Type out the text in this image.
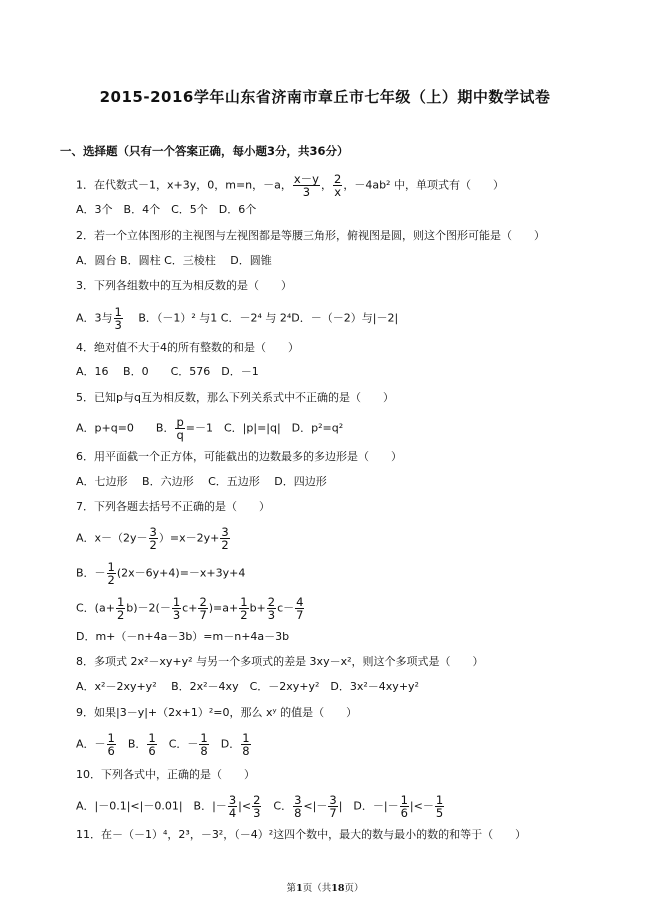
2015-2016学年山东省济南市章丘市七年级（上）期中数学试卷
一、选择题（只有一个答案正确，每小题3分，共36分）
1．在代数式－1，x+3y，0，m=n，－a， $\frac{x-y}{3}$ ， $\frac{2}{x}$ ，－4ab² 中，单项式有（　　）
A．3个　B．4个　C．5个　D．6个
2．若一个立体图形的主视图与左视图都是等腰三角形，俯视图是圆，则这个图形可能是（　　）
A．圆台 B．圆柱 C．三棱柱　 D．圆锥
3．下列各组数中的互为相反数的是（　　）
A．3与 $\frac{1}{3}$ 　 B．（－1）² 与1 C．－2⁴ 与 2⁴D．－（－2）与|－2|
4．绝对值不大于4的所有整数的和是（　　）
A．16　 B．0　　C．576　D．－1
5．已知p与q互为相反数，那么下列关系式中不正确的是（　　）
A．p+q=0　　B． $\frac{p}{q} =-1$　C．|p|=|q|　D．p²=q²
6．用平面截一个正方体，可能截出的边数最多的多边形是（　　）
A．七边形　 B．六边形　 C．五边形　 D．四边形
7．下列各题去括号不正确的是（　　）
A．$x-(2y- \frac{3}{2} )=x-2y+ \frac{3}{2}$
B．－ $\frac{1}{2} (2x-6y+4)=-x+3y+4$
C．$(a+ \frac{1}{2} b)-2(- \frac{1}{3} c+ \frac{2}{7} )=a+ \frac{1}{2} b+ \frac{2}{3} c- \frac{4}{7}$
D．m+（－n+4a－3b）=m－n+4a－3b
8．多项式 2x²－xy+y² 与另一个多项式的差是 3xy－x²，则这个多项式是（　　）
A．x²－2xy+y²　 B．2x²－4xy　C．－2xy+y²　D．3x²－4xy+y²
9．如果|3－y|+（2x+1）²=0，那么 xʸ 的值是（　　）
A．－ $\frac{1}{6}$ 　B． $\frac{1}{6}$ 　C．－ $\frac{1}{8}$ 　D． $\frac{1}{8}$
10．下列各式中，正确的是（　　）
A．|－0.1|<|－0.01|　B．|－ $\frac{3}{4}$ |< $\frac{2}{3}$ 　C． $\frac{3}{8}$ <|－ $\frac{3}{7}$ |　D．－|－ $\frac{1}{6}$ |<－ $\frac{1}{5}$
11．在－（－1）⁴，2³，－3²，（－4）²这四个数中，最大的数与最小的数的和等于（　　）
第1页（共18页）
